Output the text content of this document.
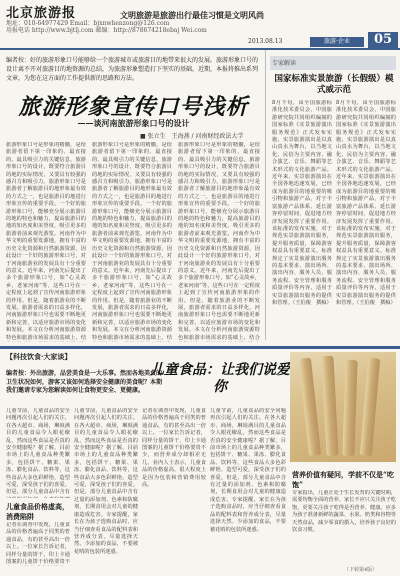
北京旅游报
地址：010-64977429 Email：bjxnwhenzong@126.com
用报电话 http://www.bjtlj.com 邮编：http://878674218ebaj Wei.com
文明旅游是旅游出行最佳习惯是文明风尚
2013.08.13	旅游·企业	05
编者按：好的旅游形象口号能够给一个旅游城市或旅游目的地带来很大的发展。旅游形象口号的设计离不开对旅游目的地资源的总结，为旅游形象塑造打下坚实的基础。近期，本报将推出系列文章，为您在这方面的工作提供新的思路和方法。
旅游形象宣传口号浅析
——谈河南旅游形象口号的设计
■ 张立生　王海燕 / 河南财经政法大学
旅游形象口号是形象的精髓，是给旅游者留下第一印象的、最直接的、最具吸引力的关键信息，旅游形象口号的设计，既要符合旅游目的地的实际情况，又要具有较强的感召力和吸引力。旅游形象口号是旅游者了解旅游目的地形象最有效的方式之一，也是旅游目的地进行形象宣传的重要手段。一个好的旅游形象口号，能够充分展示旅游目的地的特色和魅力，提高旅游目的地的知名度和美誉度，吸引更多的旅游者前来观光游览。河南作为中华文明的重要发源地，拥有丰富的历史文化资源和自然旅游资源，因此设计一个好的旅游形象口号，对于河南旅游业的发展具有十分重要的意义。近年来，河南先后提出了多个旅游形象口号，如“心灵故乡，老家河南”等，这些口号在一定程度上起到了宣传河南旅游形象的作用。但是，随着旅游业的不断发展，旅游者需求的日益多样化，河南旅游形象口号也需要不断地更新和完善，以适应旅游市场的变化和发展。本文在分析河南旅游资源特色和旅游市场需求的基础上，结
旅游形象口号是形象的精髓，是给旅游者留下第一印象的、最直接的、最具吸引力的关键信息，旅游形象口号的设计，既要符合旅游目的地的实际情况，又要具有较强的感召力和吸引力。旅游形象口号是旅游者了解旅游目的地形象最有效的方式之一，也是旅游目的地进行形象宣传的重要手段。一个好的旅游形象口号，能够充分展示旅游目的地的特色和魅力，提高旅游目的地的知名度和美誉度，吸引更多的旅游者前来观光游览。河南作为中华文明的重要发源地，拥有丰富的历史文化资源和自然旅游资源，因此设计一个好的旅游形象口号，对于河南旅游业的发展具有十分重要的意义。近年来，河南先后提出了多个旅游形象口号，如“心灵故乡，老家河南”等，这些口号在一定程度上起到了宣传河南旅游形象的作用。但是，随着旅游业的不断发展，旅游者需求的日益多样化，河南旅游形象口号也需要不断地更新和完善，以适应旅游市场的变化和发展。本文在分析河南旅游资源特色和旅游市场需求的基础上，结
旅游形象口号是形象的精髓，是给旅游者留下第一印象的、最直接的、最具吸引力的关键信息，旅游形象口号的设计，既要符合旅游目的地的实际情况，又要具有较强的感召力和吸引力。旅游形象口号是旅游者了解旅游目的地形象最有效的方式之一，也是旅游目的地进行形象宣传的重要手段。一个好的旅游形象口号，能够充分展示旅游目的地的特色和魅力，提高旅游目的地的知名度和美誉度，吸引更多的旅游者前来观光游览。河南作为中华文明的重要发源地，拥有丰富的历史文化资源和自然旅游资源，因此设计一个好的旅游形象口号，对于河南旅游业的发展具有十分重要的意义。近年来，河南先后提出了多个旅游形象口号，如“心灵故乡，老家河南”等，这些口号在一定程度上起到了宣传河南旅游形象的作用。但是，随着旅游业的不断发展，旅游者需求的日益多样化，河南旅游形象口号也需要不断地更新和完善，以适应旅游市场的变化和发展。本文在分析河南旅游资源特色和旅游市场需求的基础上，结合
专家解读
国家标准实景旅游（长假级）模式威示范
8月下旬，由全国旅游标准化技术委员会、中国旅游研究院共同组织编制的国家标准《实景旅游演出服务规范》正式发布实施。实景旅游演出是以真山真水为舞台，以当地文化、民俗为主要内容，融合演艺、音乐、舞蹈等艺术形式的文化旅游产品。近年来，实景旅游演出在全国各地迅速发展，已经成为旅游目的地重要的吸引物和旅游产品，对于丰富旅游产品体系、延长游客停留时间、促进地方经济发展发挥了重要作用。该标准的发布实施，对于规范实景旅游演出服务，提升服务质量，保障游客权益具有重要意义。标准规定了实景旅游演出服务的基本要求、演出场所、演出内容、服务人员、服务流程、安全管理和服务质量评价等内容，适用于实景旅游演出服务的提供和管理。（王伯俊　撰稿）
8月下旬，由全国旅游标准化技术委员会、中国旅游研究院共同组织编制的国家标准《实景旅游演出服务规范》正式发布实施。实景旅游演出是以真山真水为舞台，以当地文化、民俗为主要内容，融合演艺、音乐、舞蹈等艺术形式的文化旅游产品。近年来，实景旅游演出在全国各地迅速发展，已经成为旅游目的地重要的吸引物和旅游产品，对于丰富旅游产品体系、延长游客停留时间、促进地方经济发展发挥了重要作用。该标准的发布实施，对于规范实景旅游演出服务，提升服务质量，保障游客权益具有重要意义。标准规定了实景旅游演出服务的基本要求、演出场所、演出内容、服务人员、服务流程、安全管理和服务质量评价等内容，适用于实景旅游演出服务的提供和管理。（王伯俊　撰稿）
【科技饮食·大家谈】
编者按：外出旅游，品尝美食是一大乐事。然而各地美食的卫生状况如何，游客又该如何选择安全健康的美食呢？本期我们邀请专家为您解读如何让食物更安全、更健康。
儿童食品：让我们说爱你
儿童节前，儿童食品的安全问题再次引起人们的关注。在各大超市、商场，琳琅满目的儿童食品令人眼花缭乱，然而这些食品是否真的安全健康呢？据了解，目前市场上的儿童食品种类繁多，包括饼干、糖果、果冻、膨化食品、饮料等，这些食品大多色彩鲜艳、造型可爱，深受孩子们的喜爱。但是，部分儿童食品中含有
儿童食品价格虚高，消费陷阱
记者在调查中发现，儿童食品的价格普遍高于同类的普通食品，有的甚至高出一倍以上。一位家长告诉记者，同样分量的饼干，印上卡通图案的儿童饼干价格要贵不
儿童节前，儿童食品的安全问题再次引起人们的关注。在各大超市、商场，琳琅满目的儿童食品令人眼花缭乱，然而这些食品是否真的安全健康呢？据了解，目前市场上的儿童食品种类繁多，包括饼干、糖果、果冻、膨化食品、饮料等，这些食品大多色彩鲜艳、造型可爱，深受孩子们的喜爱。但是，部分儿童食品中含有过量的添加剂、色素和防腐剂，长期食用会对儿童的健康造成危害。专家提醒，家长在为孩子选购食品时，应当仔细查看食品的配料表和营养成分表，尽量选择天然、少添加的食品，不要被花哨的包装所迷惑。
记者在调查中发现，儿童食品的价格普遍高于同类的普通食品，有的甚至高出一倍以上。一位家长告诉记者，同样分量的饼干，印上卡通图案的儿童饼干价格要贵不少，而营养成分却相差无几。业内人士表示，儿童食品的价格虚高，很大程度上是因为包装和营销费用较高。
儿童节前，儿童食品的安全问题再次引起人们的关注。在各大超市、商场，琳琅满目的儿童食品令人眼花缭乱，然而这些食品是否真的安全健康呢？据了解，目前市场上的儿童食品种类繁多，包括饼干、糖果、果冻、膨化食品、饮料等，这些食品大多色彩鲜艳、造型可爱，深受孩子们的喜爱。但是，部分儿童食品中含有过量的添加剂、色素和防腐剂，长期食用会对儿童的健康造成危害。专家提醒，家长在为孩子选购食品时，应当仔细查看食品的配料表和营养成分表，尽量选择天然、少添加的食品，不要被花哨的包装所迷惑。
营养价值有疑问，学前不仅是“吃饱”
专家指出，儿童正处于生长发育的关键时期，需要均衡全面的营养。家长不应只关注孩子吃饱，更要关注孩子吃得是否营养、健康。应多为孩子准备新鲜的蔬菜、水果、奶类和谷物等天然食品，减少零食的摄入，培养孩子良好的饮食习惯。
（下转第4版）
